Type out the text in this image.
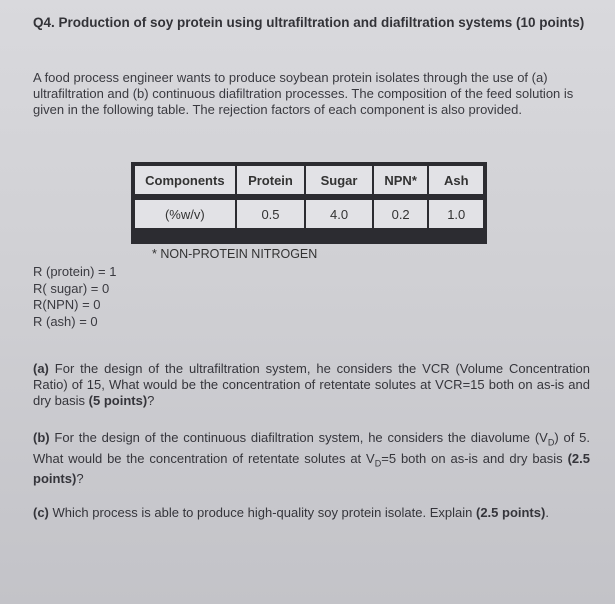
Q4. Production of soy protein using ultrafiltration and diafiltration systems (10 points)
A food process engineer wants to produce soybean protein isolates through the use of (a) ultrafiltration and (b) continuous diafiltration processes. The composition of the feed solution is given in the following table. The rejection factors of each component is also provided.
Components	Protein	Sugar	NPN*	Ash

(%w/v)	0.5	4.0	0.2	1.0
* NON-PROTEIN NITROGEN
R (protein) = 1
R( sugar) = 0
R(NPN) = 0
R (ash) = 0
(a) For the design of the ultrafiltration system, he considers the VCR (Volume Concentration Ratio) of 15, What would be the concentration of retentate solutes at VCR=15 both on as-is and dry basis (5 points)?
(b) For the design of the continuous diafiltration system, he considers the diavolume $(V_D)$ of 5. What would be the concentration of retentate solutes at $V_D=5$ both on as-is and dry basis (2.5 points)?
(c) Which process is able to produce high-quality soy protein isolate. Explain (2.5 points).
